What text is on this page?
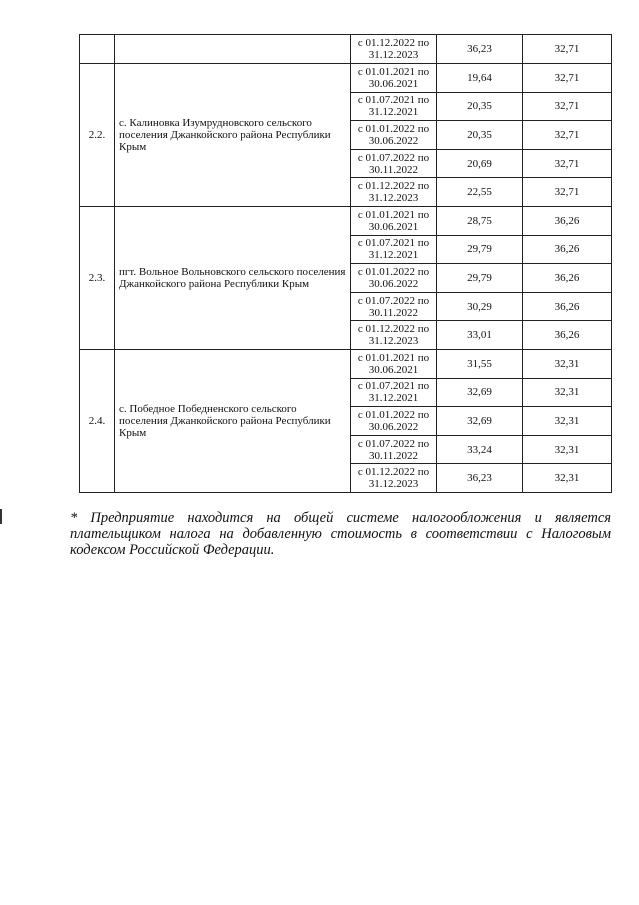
		с 01.12.2022 по 31.12.2023	36,23	32,71
2.2.	с. Калиновка Изумрудновского сельского поселения Джанкойского района Республики Крым	с 01.01.2021 по 30.06.2021	19,64	32,71
		с 01.07.2021 по 31.12.2021	20,35	32,71
		с 01.01.2022 по 30.06.2022	20,35	32,71
		с 01.07.2022 по 30.11.2022	20,69	32,71
		с 01.12.2022 по 31.12.2023	22,55	32,71
2.3.	пгт. Вольное Вольновского сельского поселения Джанкойского района Республики Крым	с 01.01.2021 по 30.06.2021	28,75	36,26
		с 01.07.2021 по 31.12.2021	29,79	36,26
		с 01.01.2022 по 30.06.2022	29,79	36,26
		с 01.07.2022 по 30.11.2022	30,29	36,26
		с 01.12.2022 по 31.12.2023	33,01	36,26
2.4.	с. Победное Победненского сельского поселения Джанкойского района Республики Крым	с 01.01.2021 по 30.06.2021	31,55	32,31
		с 01.07.2021 по 31.12.2021	32,69	32,31
		с 01.01.2022 по 30.06.2022	32,69	32,31
		с 01.07.2022 по 30.11.2022	33,24	32,31
		с 01.12.2022 по 31.12.2023	36,23	32,31
* Предприятие находится на общей системе налогообложения и является плательщиком налога на добавленную стоимость в соответствии с Налоговым кодексом Российской Федерации.
